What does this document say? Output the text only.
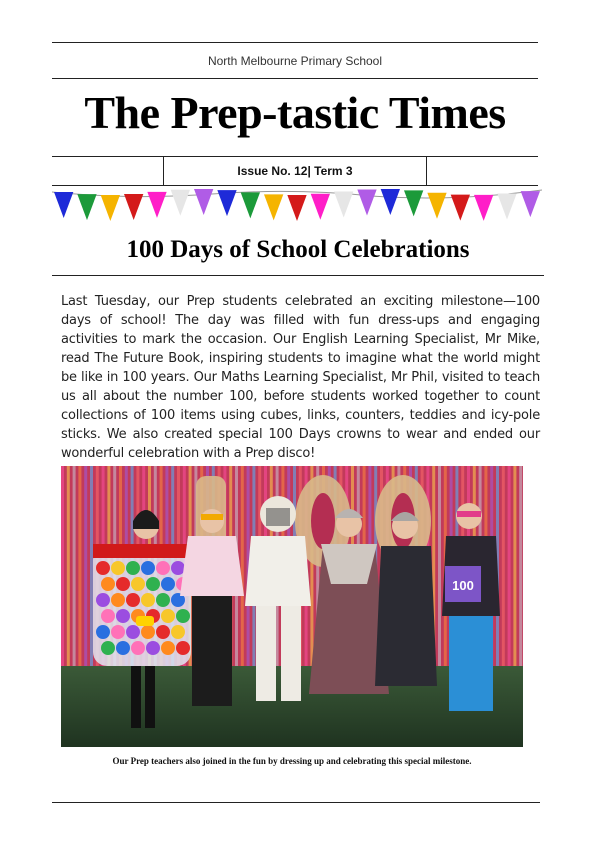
North Melbourne Primary School
The Prep-tastic Times
Issue No. 12| Term 3
100 Days of School Celebrations
Last Tuesday, our Prep students celebrated an exciting milestone—100 days of school! The day was filled with fun dress-ups and engaging activities to mark the occasion. Our English Learning Specialist, Mr Mike, read The Future Book, inspiring students to imagine what the world might be like in 100 years. Our Maths Learning Specialist, Mr Phil, visited to teach us all about the number 100, before students worked together to count collections of 100 items using cubes, links, counters, teddies and icy-pole sticks. We also created special 100 Days crowns to wear and ended our wonderful celebration with a Prep disco!
100
Our Prep teachers also joined in the fun by dressing up and celebrating this special milestone.
